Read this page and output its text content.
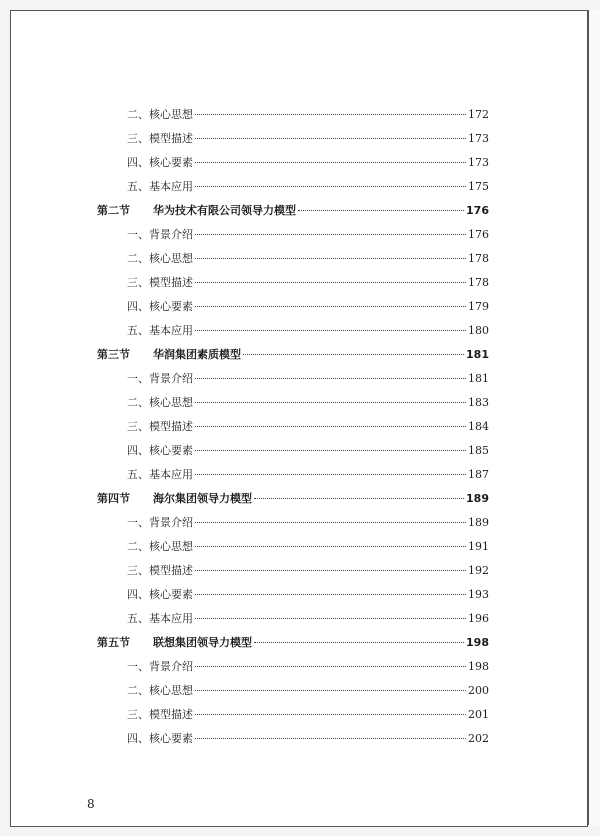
二、 核心思想	172
三、 模型描述	173
四、 核心要素	173
五、 基本应用	175
第二节	华为技术有限公司领导力模型	176
一、 背景介绍	176
二、 核心思想	178
三、 模型描述	178
四、 核心要素	179
五、 基本应用	180
第三节	华润集团素质模型	181
一、 背景介绍	181
二、 核心思想	183
三、 模型描述	184
四、 核心要素	185
五、 基本应用	187
第四节	海尔集团领导力模型	189
一、 背景介绍	189
二、 核心思想	191
三、 模型描述	192
四、 核心要素	193
五、 基本应用	196
第五节	联想集团领导力模型	198
一、 背景介绍	198
二、 核心思想	200
三、 模型描述	201
四、 核心要素	202
8
